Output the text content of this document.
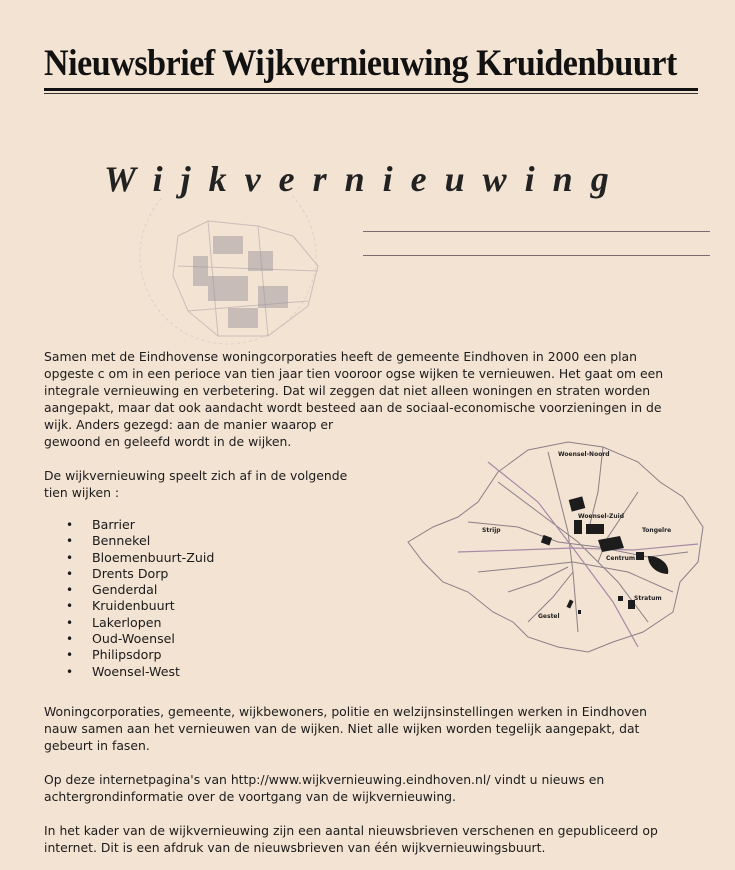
Nieuwsbrief Wijkvernieuwing Kruidenbuurt
Wijkvernieuwing
Samen met de Eindhovense woningcorporaties heeft de gemeente Eindhoven in 2000 een plan
opgeste c om in een perioce van tien jaar tien vooroor ogse wijken te vernieuwen. Het gaat om een
integrale vernieuwing en verbetering. Dat wil zeggen dat niet alleen woningen en straten worden
aangepakt, maar dat ook aandacht wordt besteed aan de sociaal-economische voorzieningen in de
wijk. Anders gezegd: aan de manier waarop er
gewoond en geleefd wordt in de wijken.
De wijkvernieuwing speelt zich af in de volgende
tien wijken :
• Barrier
• Bennekel
• Bloemenbuurt-Zuid
• Drents Dorp
• Genderdal
• Kruidenbuurt
• Lakerlopen
• Oud-Woensel
• Philipsdorp
• Woensel-West
Woensel-Noord
Woensel-Zuid
Tongelre
Strijp
Centrum
Stratum
Gestel
Woningcorporaties, gemeente, wijkbewoners, politie en welzijnsinstellingen werken in Eindhoven
nauw samen aan het vernieuwen van de wijken. Niet alle wijken worden tegelijk aangepakt, dat
gebeurt in fasen.
Op deze internetpagina's van http://www.wijkvernieuwing.eindhoven.nl/ vindt u nieuws en
achtergrondinformatie over de voortgang van de wijkvernieuwing.
In het kader van de wijkvernieuwing zijn een aantal nieuwsbrieven verschenen en gepubliceerd op
internet. Dit is een afdruk van de nieuwsbrieven van één wijkvernieuwingsbuurt.
